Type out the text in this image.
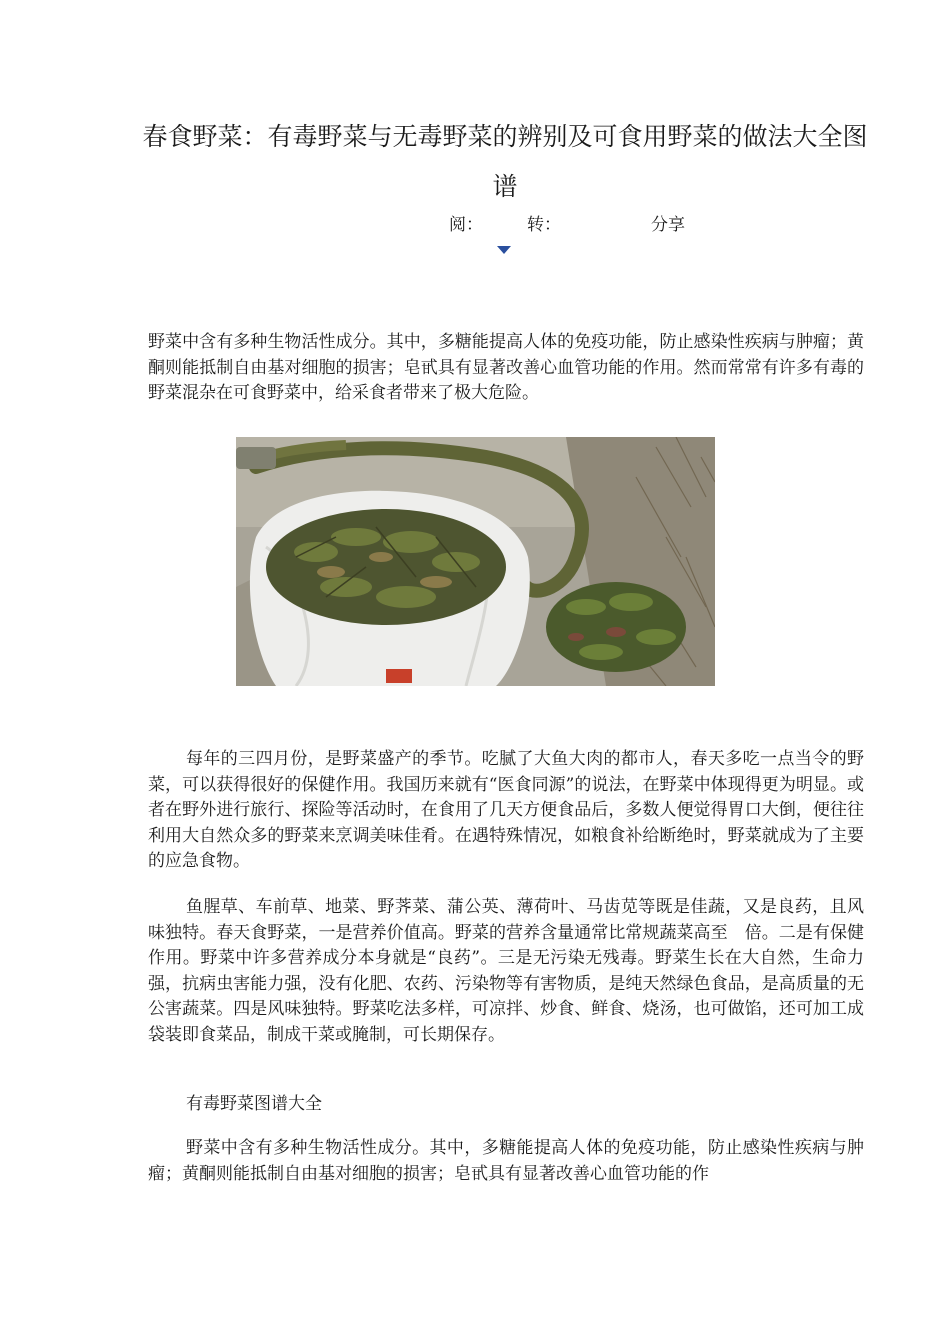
春食野菜：有毒野菜与无毒野菜的辨别及可食用野菜的做法大全图谱
阅：	转：	分享

野菜中含有多种生物活性成分。其中，多糖能提高人体的免疫功能，防止感染性疾病与肿瘤；黄酮则能抵制自由基对细胞的损害；皂甙具有显著改善心血管功能的作用。然而常常有许多有毒的野菜混杂在可食野菜中，给采食者带来了极大危险。

每年的三四月份，是野菜盛产的季节。吃腻了大鱼大肉的都市人，春天多吃一点当令的野菜，可以获得很好的保健作用。我国历来就有“医食同源”的说法，在野菜中体现得更为明显。或者在野外进行旅行、探险等活动时，在食用了几天方便食品后，多数人便觉得胃口大倒，便往往利用大自然众多的野菜来烹调美味佳肴。在遇特殊情况，如粮食补给断绝时，野菜就成为了主要的应急食物。

鱼腥草、车前草、地菜、野荠菜、蒲公英、薄荷叶、马齿苋等既是佳蔬，又是良药，且风味独特。春天食野菜，一是营养价值高。野菜的营养含量通常比常规蔬菜高至　倍。二是有保健作用。野菜中许多营养成分本身就是“良药”。三是无污染无残毒。野菜生长在大自然，生命力强，抗病虫害能力强，没有化肥、农药、污染物等有害物质，是纯天然绿色食品，是高质量的无公害蔬菜。四是风味独特。野菜吃法多样，可凉拌、炒食、鲜食、烧汤，也可做馅，还可加工成袋装即食菜品，制成干菜或腌制，可长期保存。

有毒野菜图谱大全

野菜中含有多种生物活性成分。其中，多糖能提高人体的免疫功能，防止感染性疾病与肿瘤；黄酮则能抵制自由基对细胞的损害；皂甙具有显著改善心血管功能的作
